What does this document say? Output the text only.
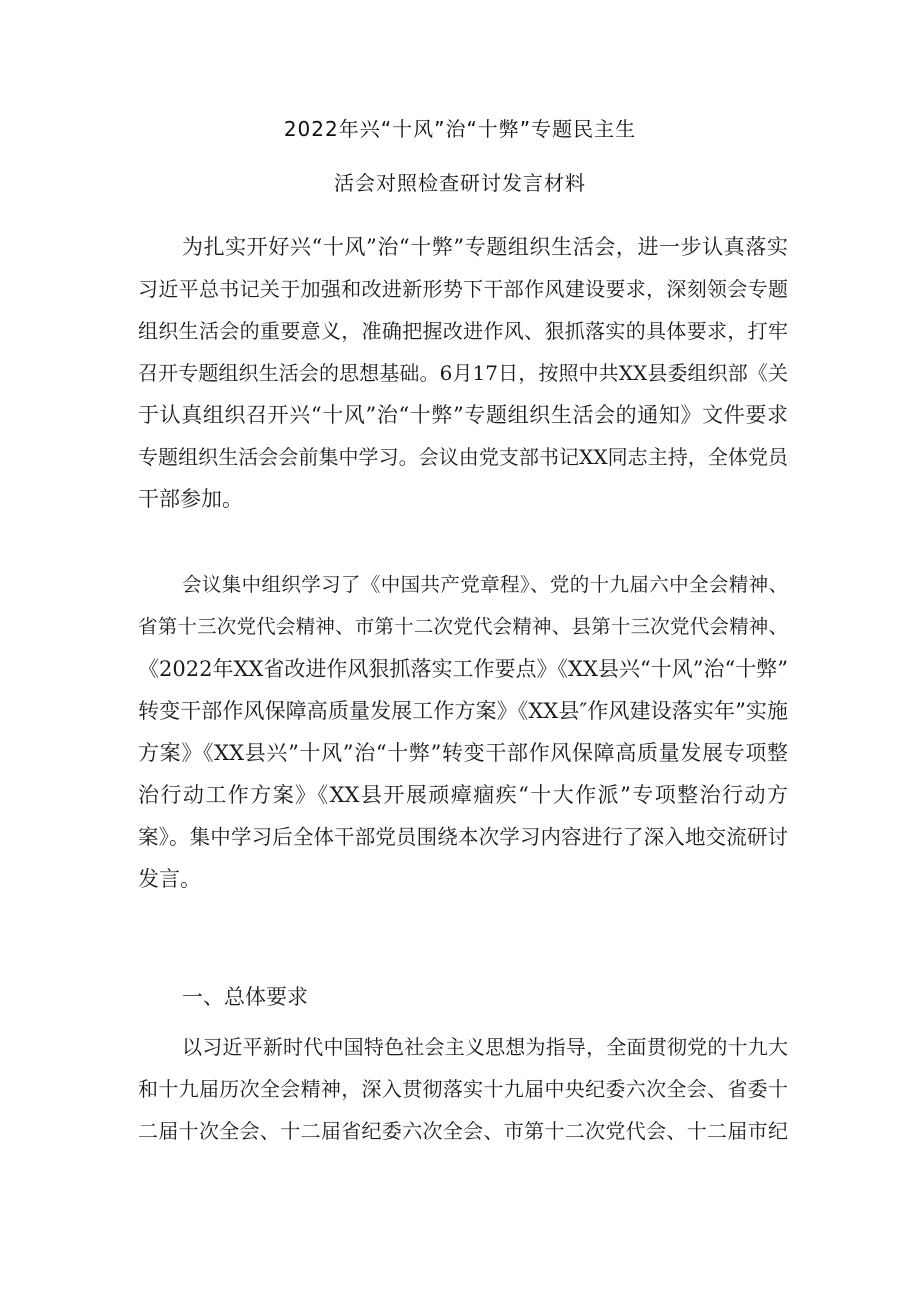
2022年兴“十风”治“十弊”专题民主生
活会对照检查研讨发言材料
为扎实开好兴“十风”治“十弊”专题组织生活会，进一步认真落实
习近平总书记关于加强和改进新形势下干部作风建设要求，深刻领会专题
组织生活会的重要意义，准确把握改进作风、狠抓落实的具体要求，打牢
召开专题组织生活会的思想基础。6月17日，按照中共XX县委组织部《关
于认真组织召开兴“十风”治“十弊”专题组织生活会的通知》文件要求
专题组织生活会会前集中学习。会议由党支部书记XX同志主持，全体党员
干部参加。
会议集中组织学习了《中国共产党章程》、党的十九届六中全会精神、
省第十三次党代会精神、市第十二次党代会精神、县第十三次党代会精神、
《2022年XX省改进作风狠抓落实工作要点》《XX县兴“十风”治“十弊”
转变干部作风保障高质量发展工作方案》《XX县″作风建设落实年”实施
方案》《XX县兴”十风”治“十弊”转变干部作风保障高质量发展专项整
治行动工作方案》《XX县开展顽瘴痼疾“十大作派”专项整治行动方
案》。集中学习后全体干部党员围绕本次学习内容进行了深入地交流研讨
发言。
一、总体要求
以习近平新时代中国特色社会主义思想为指导，全面贯彻党的十九大
和十九届历次全会精神，深入贯彻落实十九届中央纪委六次全会、省委十
二届十次全会、十二届省纪委六次全会、市第十二次党代会、十二届市纪
